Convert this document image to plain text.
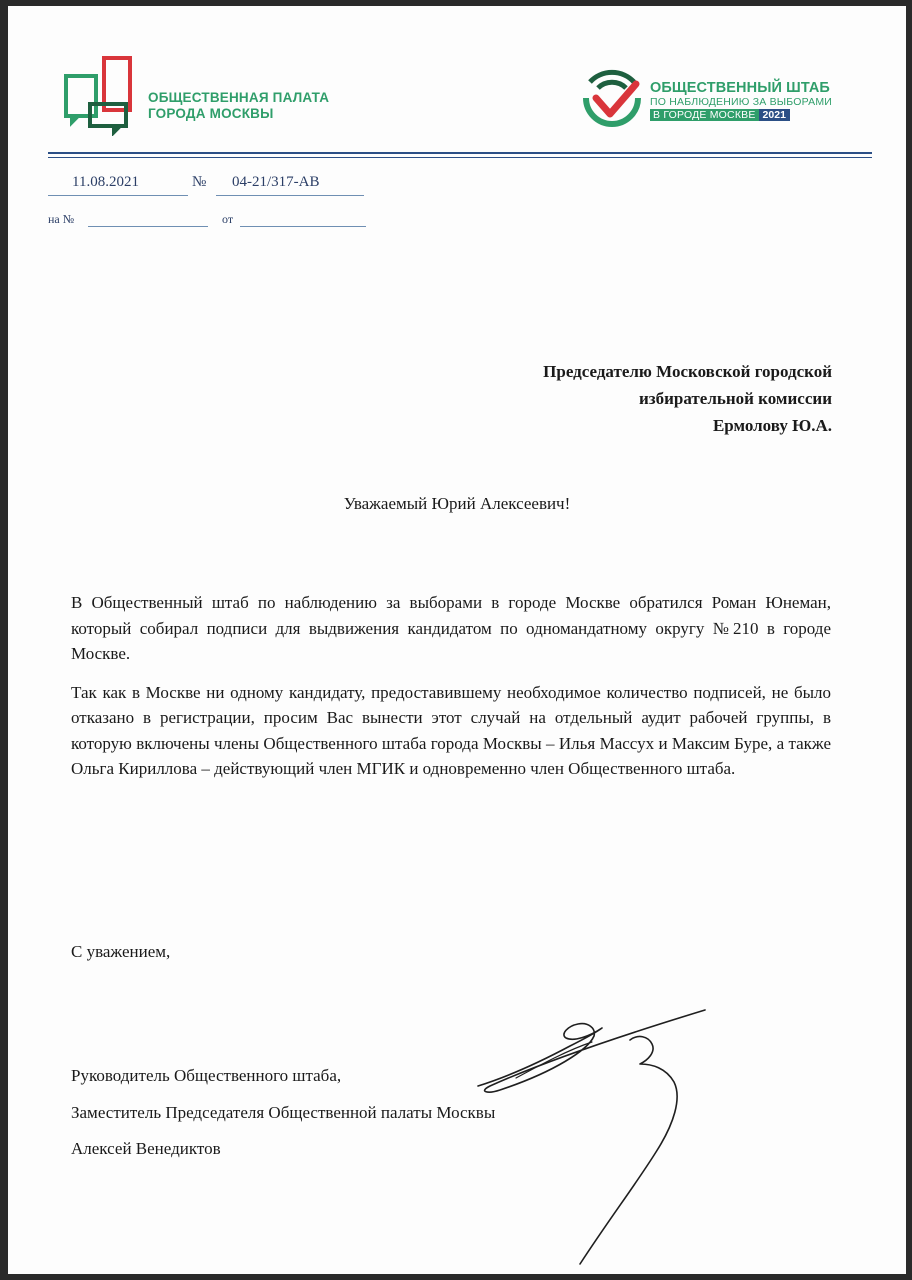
ОБЩЕСТВЕННАЯ ПАЛАТА
ГОРОДА МОСКВЫ
ОБЩЕСТВЕННЫЙ ШТАБ
ПО НАБЛЮДЕНИЮ ЗА ВЫБОРАМИ
В ГОРОДЕ МОСКВЕ 2021
11.08.2021	№	04-21/317-АВ
на №	от
Председателю Московской городской
избирательной комиссии
Ермолову Ю.А.
Уважаемый Юрий Алексеевич!

В Общественный штаб по наблюдению за выборами в городе Москве обратился Роман Юнеман, который собирал подписи для выдвижения кандидатом по одномандатному округу №210 в городе Москве.

Так как в Москве ни одному кандидату, предоставившему необходимое количество подписей, не было отказано в регистрации, просим Вас вынести этот случай на отдельный аудит рабочей группы, в которую включены члены Общественного штаба города Москвы – Илья Массух и Максим Буре, а также Ольга Кириллова – действующий член МГИК и одновременно член Общественного штаба.

С уважением,
Руководитель Общественного штаба,
Заместитель Председателя Общественной палаты Москвы
Алексей Венедиктов
